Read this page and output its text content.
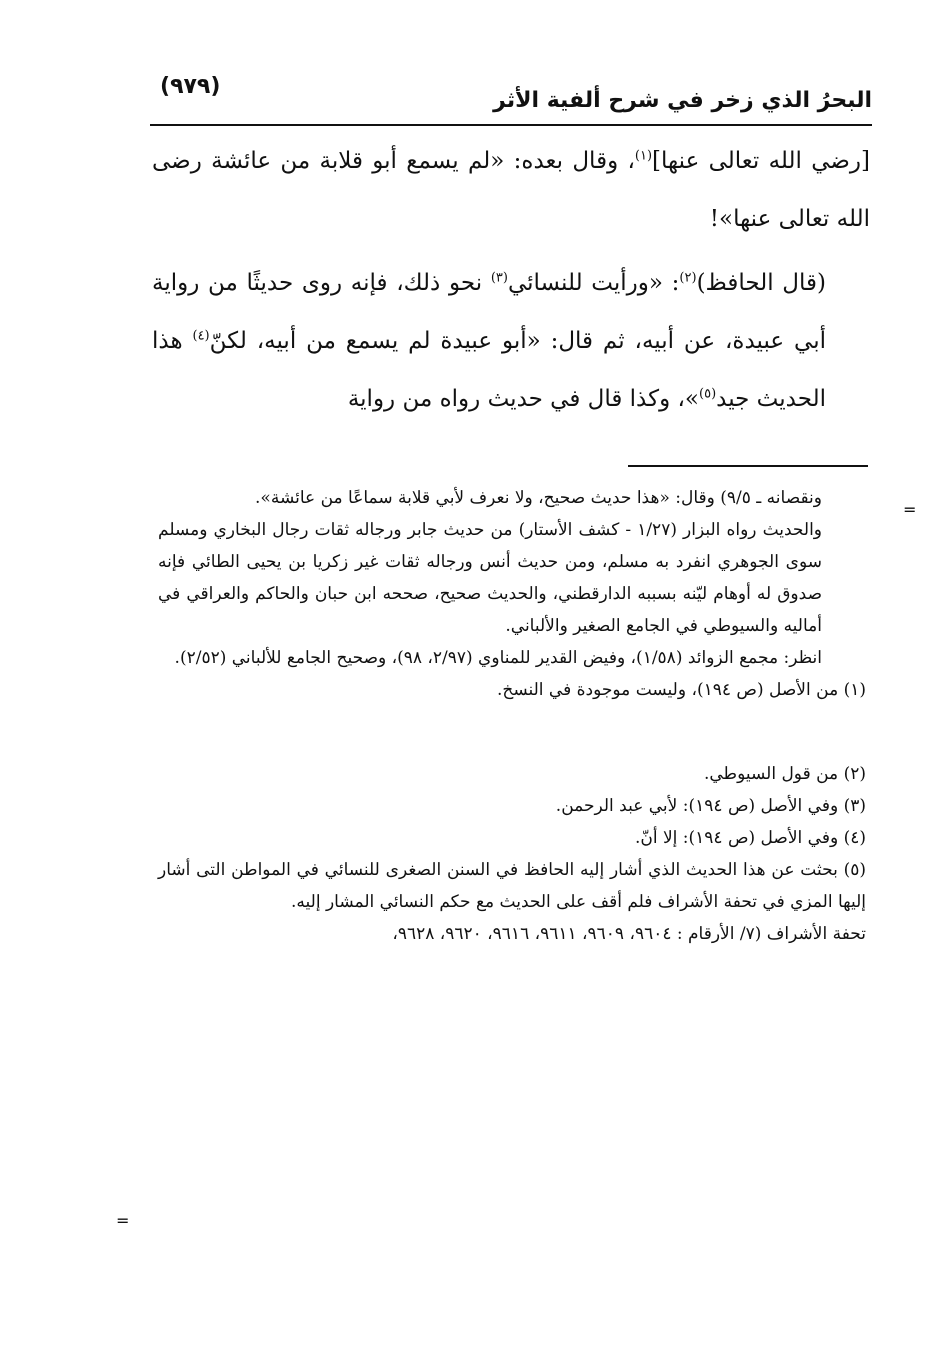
البحرُ الذي زخر في شرح ألفية الأثر
(٩٧٩)

[رضي الله تعالى عنها]$^{(١)}$، وقال بعده: «لم يسمع أبو قلابة من عائشة رضى الله تعالى عنها»!

(قال الحافظ)$^{(٢)}$: «ورأيت للنسائي$^{(٣)}$ نحو ذلك، فإنه روى حديثًا من رواية أبي عبيدة، عن أبيه، ثم قال: «أبو عبيدة لم يسمع من أبيه، لكنّ$^{(٤)}$ هذا الحديث جيد$^{(٥)}$»، وكذا قال في حديث رواه من رواية

ونقصانه ـ ٩/٥) وقال: «هذا حديث صحيح، ولا نعرف لأبي قلابة سماعًا من عائشة».
والحديث رواه البزار (١/٢٧ - كشف الأستار) من حديث جابر ورجاله ثقات رجال البخاري ومسلم سوى الجوهري انفرد به مسلم، ومن حديث أنس ورجاله ثقات غير زكريا بن يحيى الطائي فإنه صدوق له أوهام ليّنه بسببه الدارقطني، والحديث صحيح، صححه ابن حبان والحاكم والعراقي في أماليه والسيوطي في الجامع الصغير والألباني.
انظر: مجمع الزوائد (١/٥٨)، وفيض القدير للمناوي (٢/٩٧، ٩٨)، وصحيح الجامع للألباني (٢/٥٢).
(١) من الأصل (ص ١٩٤)، وليست موجودة في النسخ.
(٢) من قول السيوطي.
(٣) وفي الأصل (ص ١٩٤): لأبي عبد الرحمن.
(٤) وفي الأصل (ص ١٩٤): إلا أنّ.
(٥) بحثت عن هذا الحديث الذي أشار إليه الحافظ في السنن الصغرى للنسائي في المواطن التى أشار إليها المزي في تحفة الأشراف فلم أقف على الحديث مع حكم النسائي المشار إليه.
تحفة الأشراف (٧/ الأرقام : ٩٦٠٤، ٩٦٠٩، ٩٦١١، ٩٦١٦، ٩٦٢٠، ٩٦٢٨،
=
=
